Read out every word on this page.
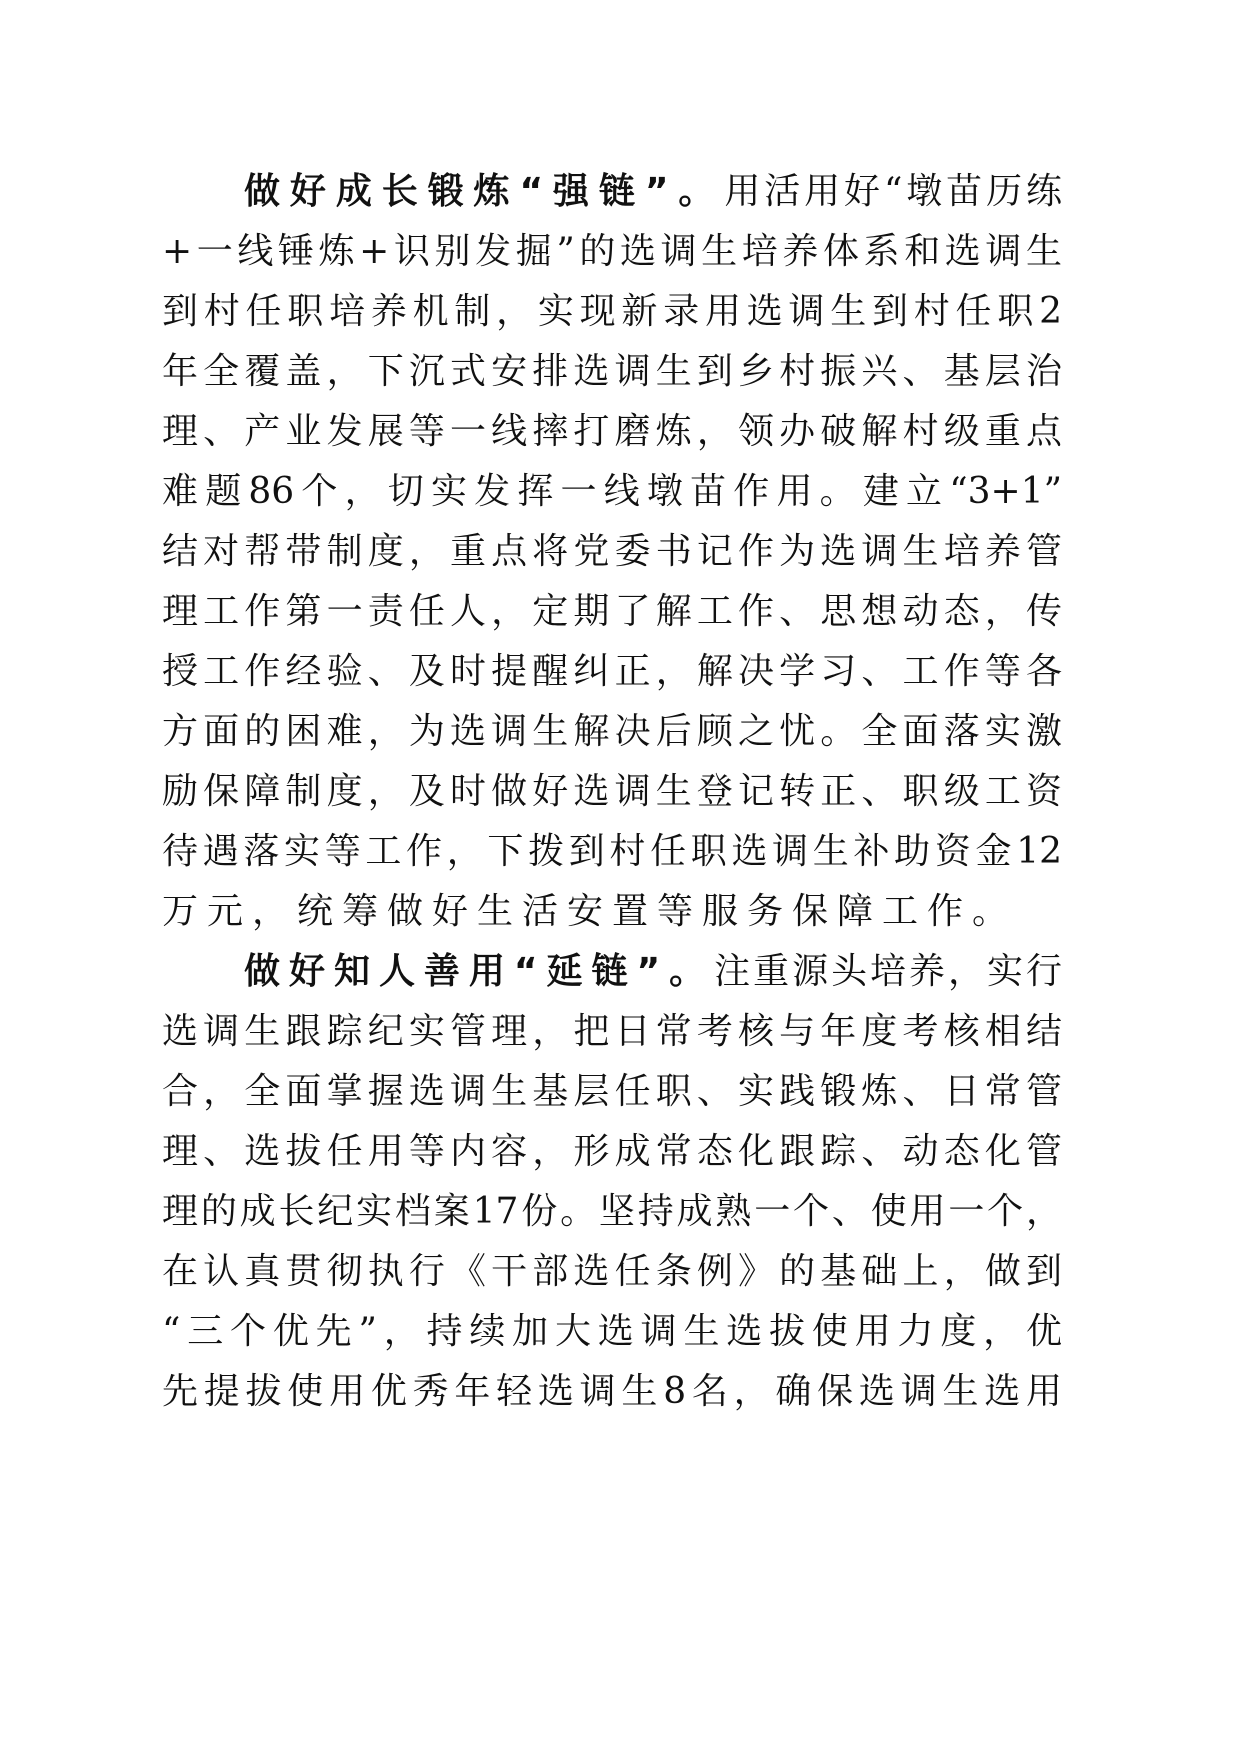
做好成长锻炼“强链”。用活用好“墩苗历练
+一线锤炼+识别发掘”的选调生培养体系和选调生
到村任职培养机制，实现新录用选调生到村任职2
年全覆盖，下沉式安排选调生到乡村振兴、基层治
理、产业发展等一线摔打磨炼，领办破解村级重点
难题86个，切实发挥一线墩苗作用。建立“3+1”
结对帮带制度，重点将党委书记作为选调生培养管
理工作第一责任人，定期了解工作、思想动态，传
授工作经验、及时提醒纠正，解决学习、工作等各
方面的困难，为选调生解决后顾之忧。全面落实激
励保障制度，及时做好选调生登记转正、职级工资
待遇落实等工作，下拨到村任职选调生补助资金12
万元，统筹做好生活安置等服务保障工作。
做好知人善用“延链”。注重源头培养，实行
选调生跟踪纪实管理，把日常考核与年度考核相结
合，全面掌握选调生基层任职、实践锻炼、日常管
理、选拔任用等内容，形成常态化跟踪、动态化管
理的成长纪实档案17份。坚持成熟一个、使用一个，
在认真贯彻执行《干部选任条例》的基础上，做到
“三个优先”，持续加大选调生选拔使用力度，优
先提拔使用优秀年轻选调生8名，确保选调生选用
